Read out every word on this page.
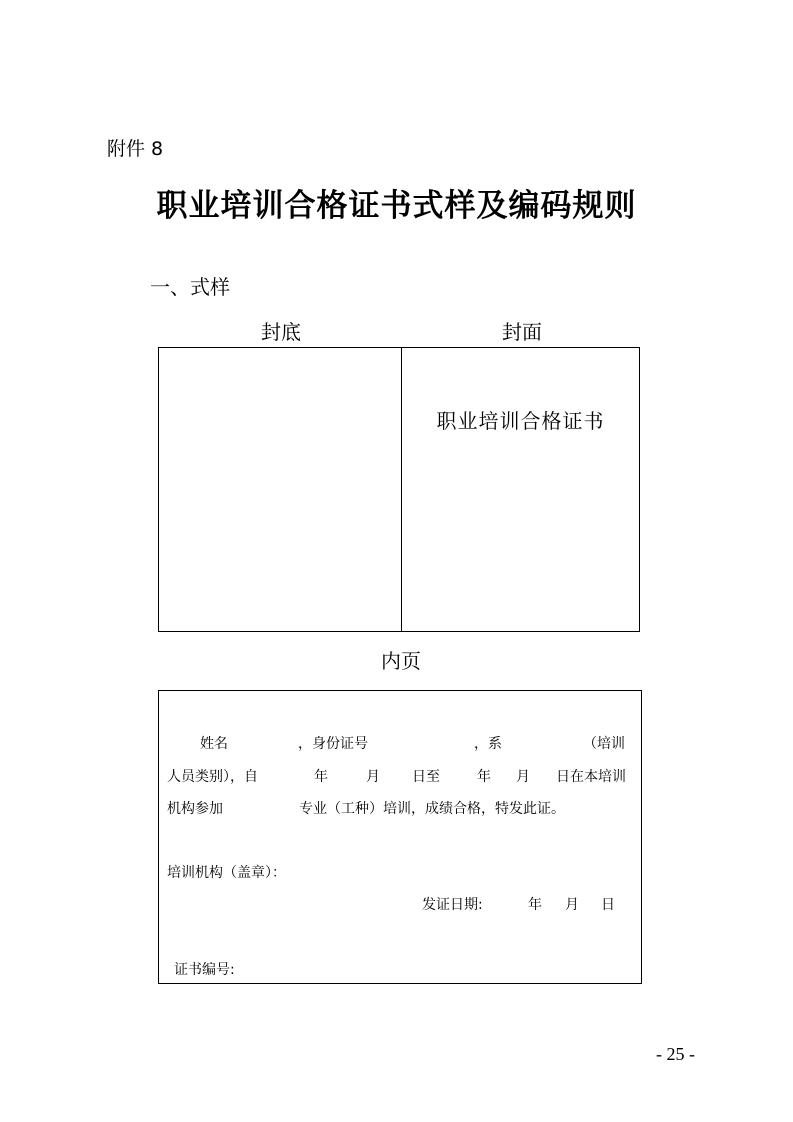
附件 8
职业培训合格证书式样及编码规则
一、式样
封底	封面
职业培训合格证书
内页
姓名	，身份证号	，系	（培训
人员类别），自	年	月 日至	年 月 日在本培训
机构参加	专业（工种）培训，成绩合格，特发此证。
培训机构（盖章）：
发证日期:	年 月 日
证书编号:
- 25 -
